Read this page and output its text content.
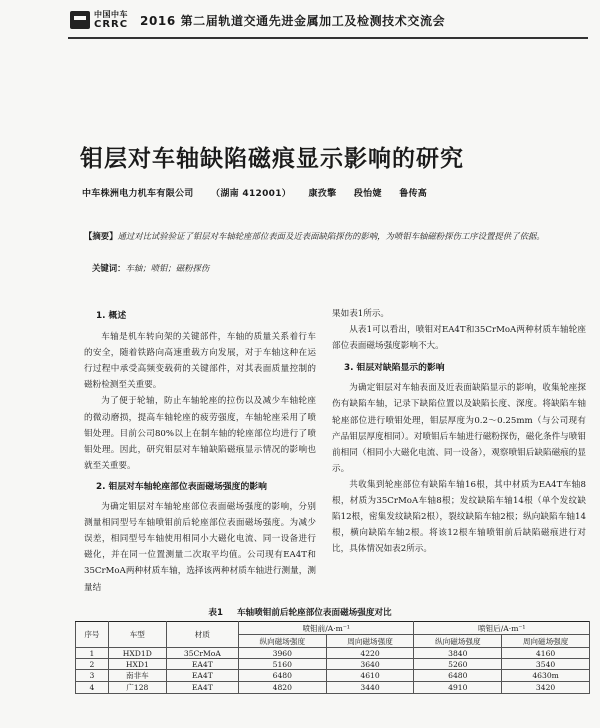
中国中车
CRRC 2016 第二届轨道交通先进金属加工及检测技术交流会
钼层对车轴缺陷磁痕显示影响的研究
中车株洲电力机车有限公司 （湖南 412001） 康孜擎 段怡婕 鲁传高
【摘要】通过对比试验验证了钼层对车轴轮座部位表面及近表面缺陷探伤的影响，为喷钼车轴磁粉探伤工序设置提供了依据。
关键词：车轴；喷钼；磁粉探伤
1. 概述

车轴是机车转向架的关键部件，车轴的质量关系着行车的安全，随着铁路向高速重载方向发展，对于车轴这种在运行过程中承受高频变载荷的关键部件，对其表面质量控制的磁粉检测至关重要。

为了便于轮轴，防止车轴轮座的拉伤以及减少车轴轮座的微动磨损，提高车轴轮座的疲劳强度，车轴轮座采用了喷钼处理。目前公司80%以上在制车轴的轮座部位均进行了喷钼处理。因此，研究钼层对车轴缺陷磁痕显示情况的影响也就至关重要。

2. 钼层对车轴轮座部位表面磁场强度的影响

为确定钼层对车轴轮座部位表面磁场强度的影响，分别测量相同型号车轴喷钼前后轮座部位表面磁场强度。为减少误差，相同型号车轴使用相同小大磁化电流、同一设备进行磁化，并在同一位置测量二次取平均值。公司现有EA4T和35CrMoA两种材质车轴，选择该两种材质车轴进行测量，测量结

果如表1所示。

从表1可以看出，喷钼对EA4T和35CrMoA两种材质车轴轮座部位表面磁场强度影响不大。

3. 钼层对缺陷显示的影响

为确定钼层对车轴表面及近表面缺陷显示的影响，收集轮座探伤有缺陷车轴，记录下缺陷位置以及缺陷长度、深度。将缺陷车轴轮座部位进行喷钼处理，钼层厚度为0.2～0.25mm（与公司现有产品钼层厚度相同）。对喷钼后车轴进行磁粉探伤，磁化条件与喷钼前相同（相同小大磁化电流、同一设备），观察喷钼后缺陷磁痕的显示。

共收集到轮座部位有缺陷车轴16根，其中材质为EA4T车轴8根，材质为35CrMoA车轴8根；发纹缺陷车轴14根（单个发纹缺陷12根，密集发纹缺陷2根），裂纹缺陷车轴2根；纵向缺陷车轴14根，横向缺陷车轴2根。将该12根车轴喷钼前后缺陷磁痕进行对比，具体情况如表2所示。

表1 车轴喷钼前后轮座部位表面磁场强度对比
序号	车型	材质	喷钼前/A·m⁻¹		喷钼后/A·m⁻¹	
			纵向磁场强度	周向磁场强度	纵向磁场强度	周向磁场强度
1	HXD1D	35CrMoA	3960	4220	3840	4160
2	HXD1	EA4T	5160	3640	5260	3540
3	南非车	EA4T	6480	4610	6480	4630m
4	广128	EA4T	4820	3440	4910	3420
